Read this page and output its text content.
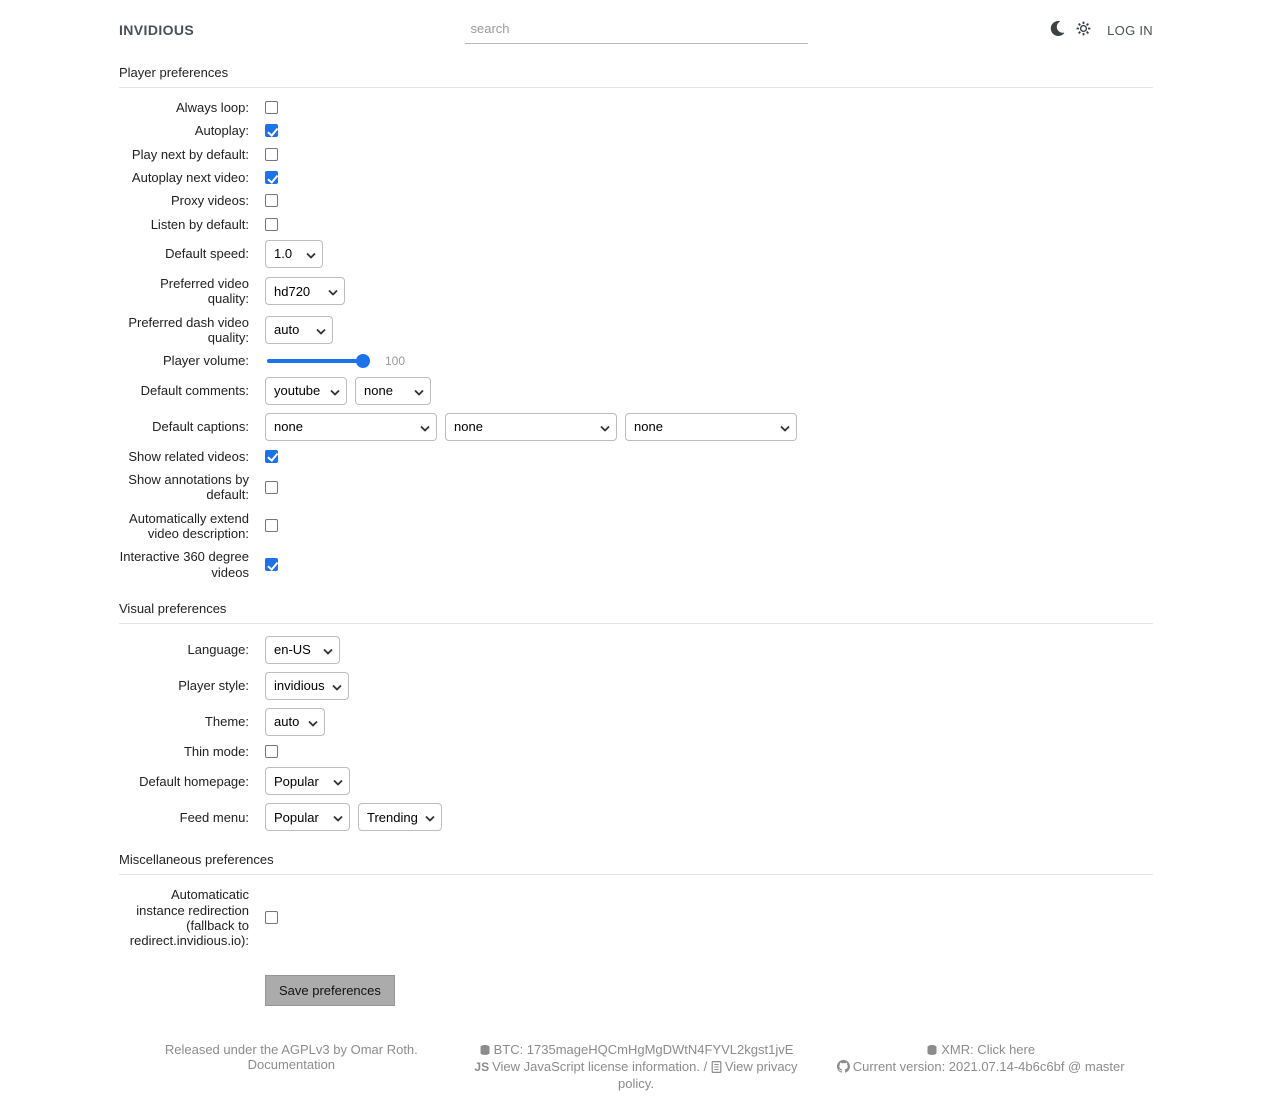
INVIDIOUS
search	LOG IN
Player preferences
Always loop:
Autoplay:
Play next by default:
Autoplay next video:
Proxy videos:
Listen by default:
Default speed:
1.0
Preferred video quality:
hd720
Preferred dash video quality:
auto
Player volume:	100
Default comments:
youtube
none
Default captions:
none
none
none
Show related videos:
Show annotations by default:
Automatically extend video description:
Interactive 360 degree videos
Visual preferences
Language:
en-US
Player style:
invidious
Theme:
auto
Thin mode:
Default homepage:
Popular
Feed menu:
Popular
Trending
Miscellaneous preferences
Automaticatic instance redirection (fallback to redirect.invidious.io):
Save preferences
Released under the AGPLv3 by Omar Roth.
Documentation
BTC: 1735mageHQCmHgMgDWtN4FYVL2kgst1jvE
JS View JavaScript license information. / View privacy policy.
XMR: Click here
Current version: 2021.07.14-4b6c6bf @ master
